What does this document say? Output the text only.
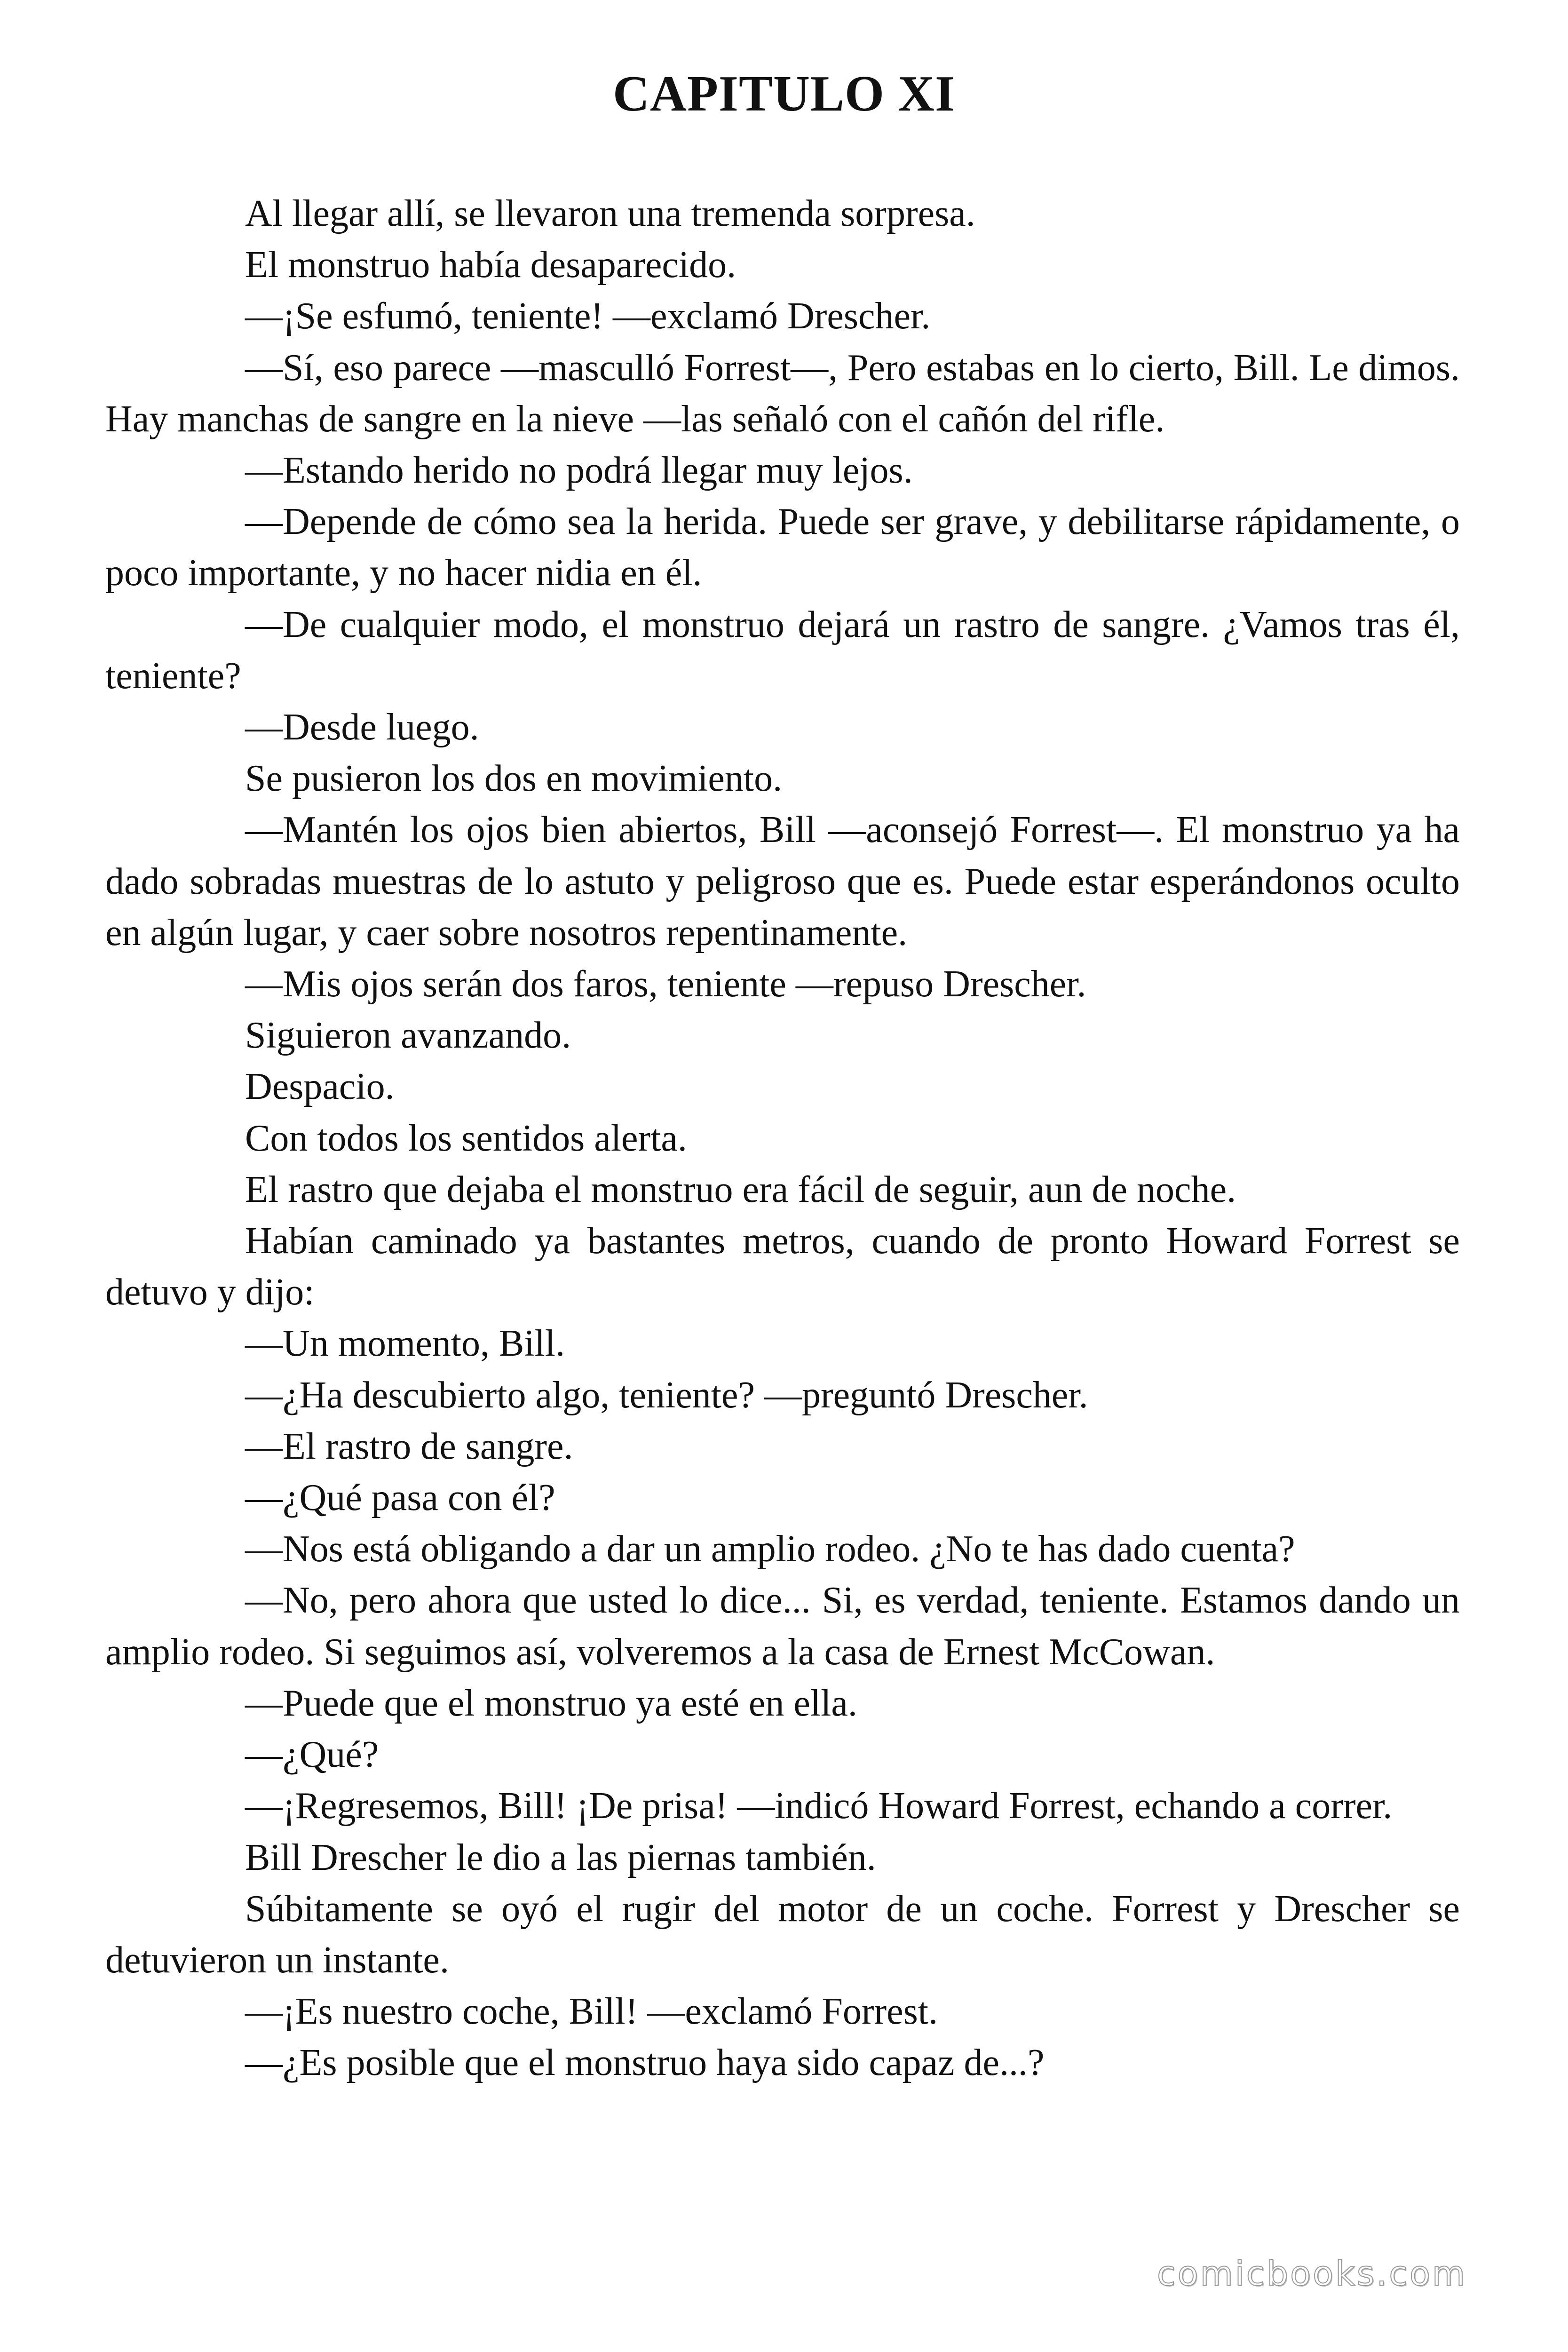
CAPITULO XI

Al llegar allí, se llevaron una tremenda sorpresa.

El monstruo había desaparecido.

—¡Se esfumó, teniente! —exclamó Drescher.

—Sí, eso parece —masculló Forrest—, Pero estabas en lo cierto, Bill. Le dimos. Hay manchas de sangre en la nieve —las señaló con el cañón del rifle.

—Estando herido no podrá llegar muy lejos.

—Depende de cómo sea la herida. Puede ser grave, y debilitarse rápidamente, o poco importante, y no hacer nidia en él.

—De cualquier modo, el monstruo dejará un rastro de sangre. ¿Vamos tras él, teniente?

—Desde luego.

Se pusieron los dos en movimiento.

—Mantén los ojos bien abiertos, Bill —aconsejó Forrest—. El monstruo ya ha dado sobradas muestras de lo astuto y peligroso que es. Puede estar esperándonos oculto en algún lugar, y caer sobre nosotros repentinamente.

—Mis ojos serán dos faros, teniente —repuso Drescher.

Siguieron avanzando.

Despacio.

Con todos los sentidos alerta.

El rastro que dejaba el monstruo era fácil de seguir, aun de noche.

Habían caminado ya bastantes metros, cuando de pronto Howard Forrest se detuvo y dijo:

—Un momento, Bill.

—¿Ha descubierto algo, teniente? —preguntó Drescher.

—El rastro de sangre.

—¿Qué pasa con él?

—Nos está obligando a dar un amplio rodeo. ¿No te has dado cuenta?

—No, pero ahora que usted lo dice... Si, es verdad, teniente. Estamos dando un amplio rodeo. Si seguimos así, volveremos a la casa de Ernest McCowan.

—Puede que el monstruo ya esté en ella.

—¿Qué?

—¡Regresemos, Bill! ¡De prisa! —indicó Howard Forrest, echando a correr.

Bill Drescher le dio a las piernas también.

Súbitamente se oyó el rugir del motor de un coche. Forrest y Drescher se detuvieron un instante.

—¡Es nuestro coche, Bill! —exclamó Forrest.

—¿Es posible que el monstruo haya sido capaz de...?

comicbooks.com
